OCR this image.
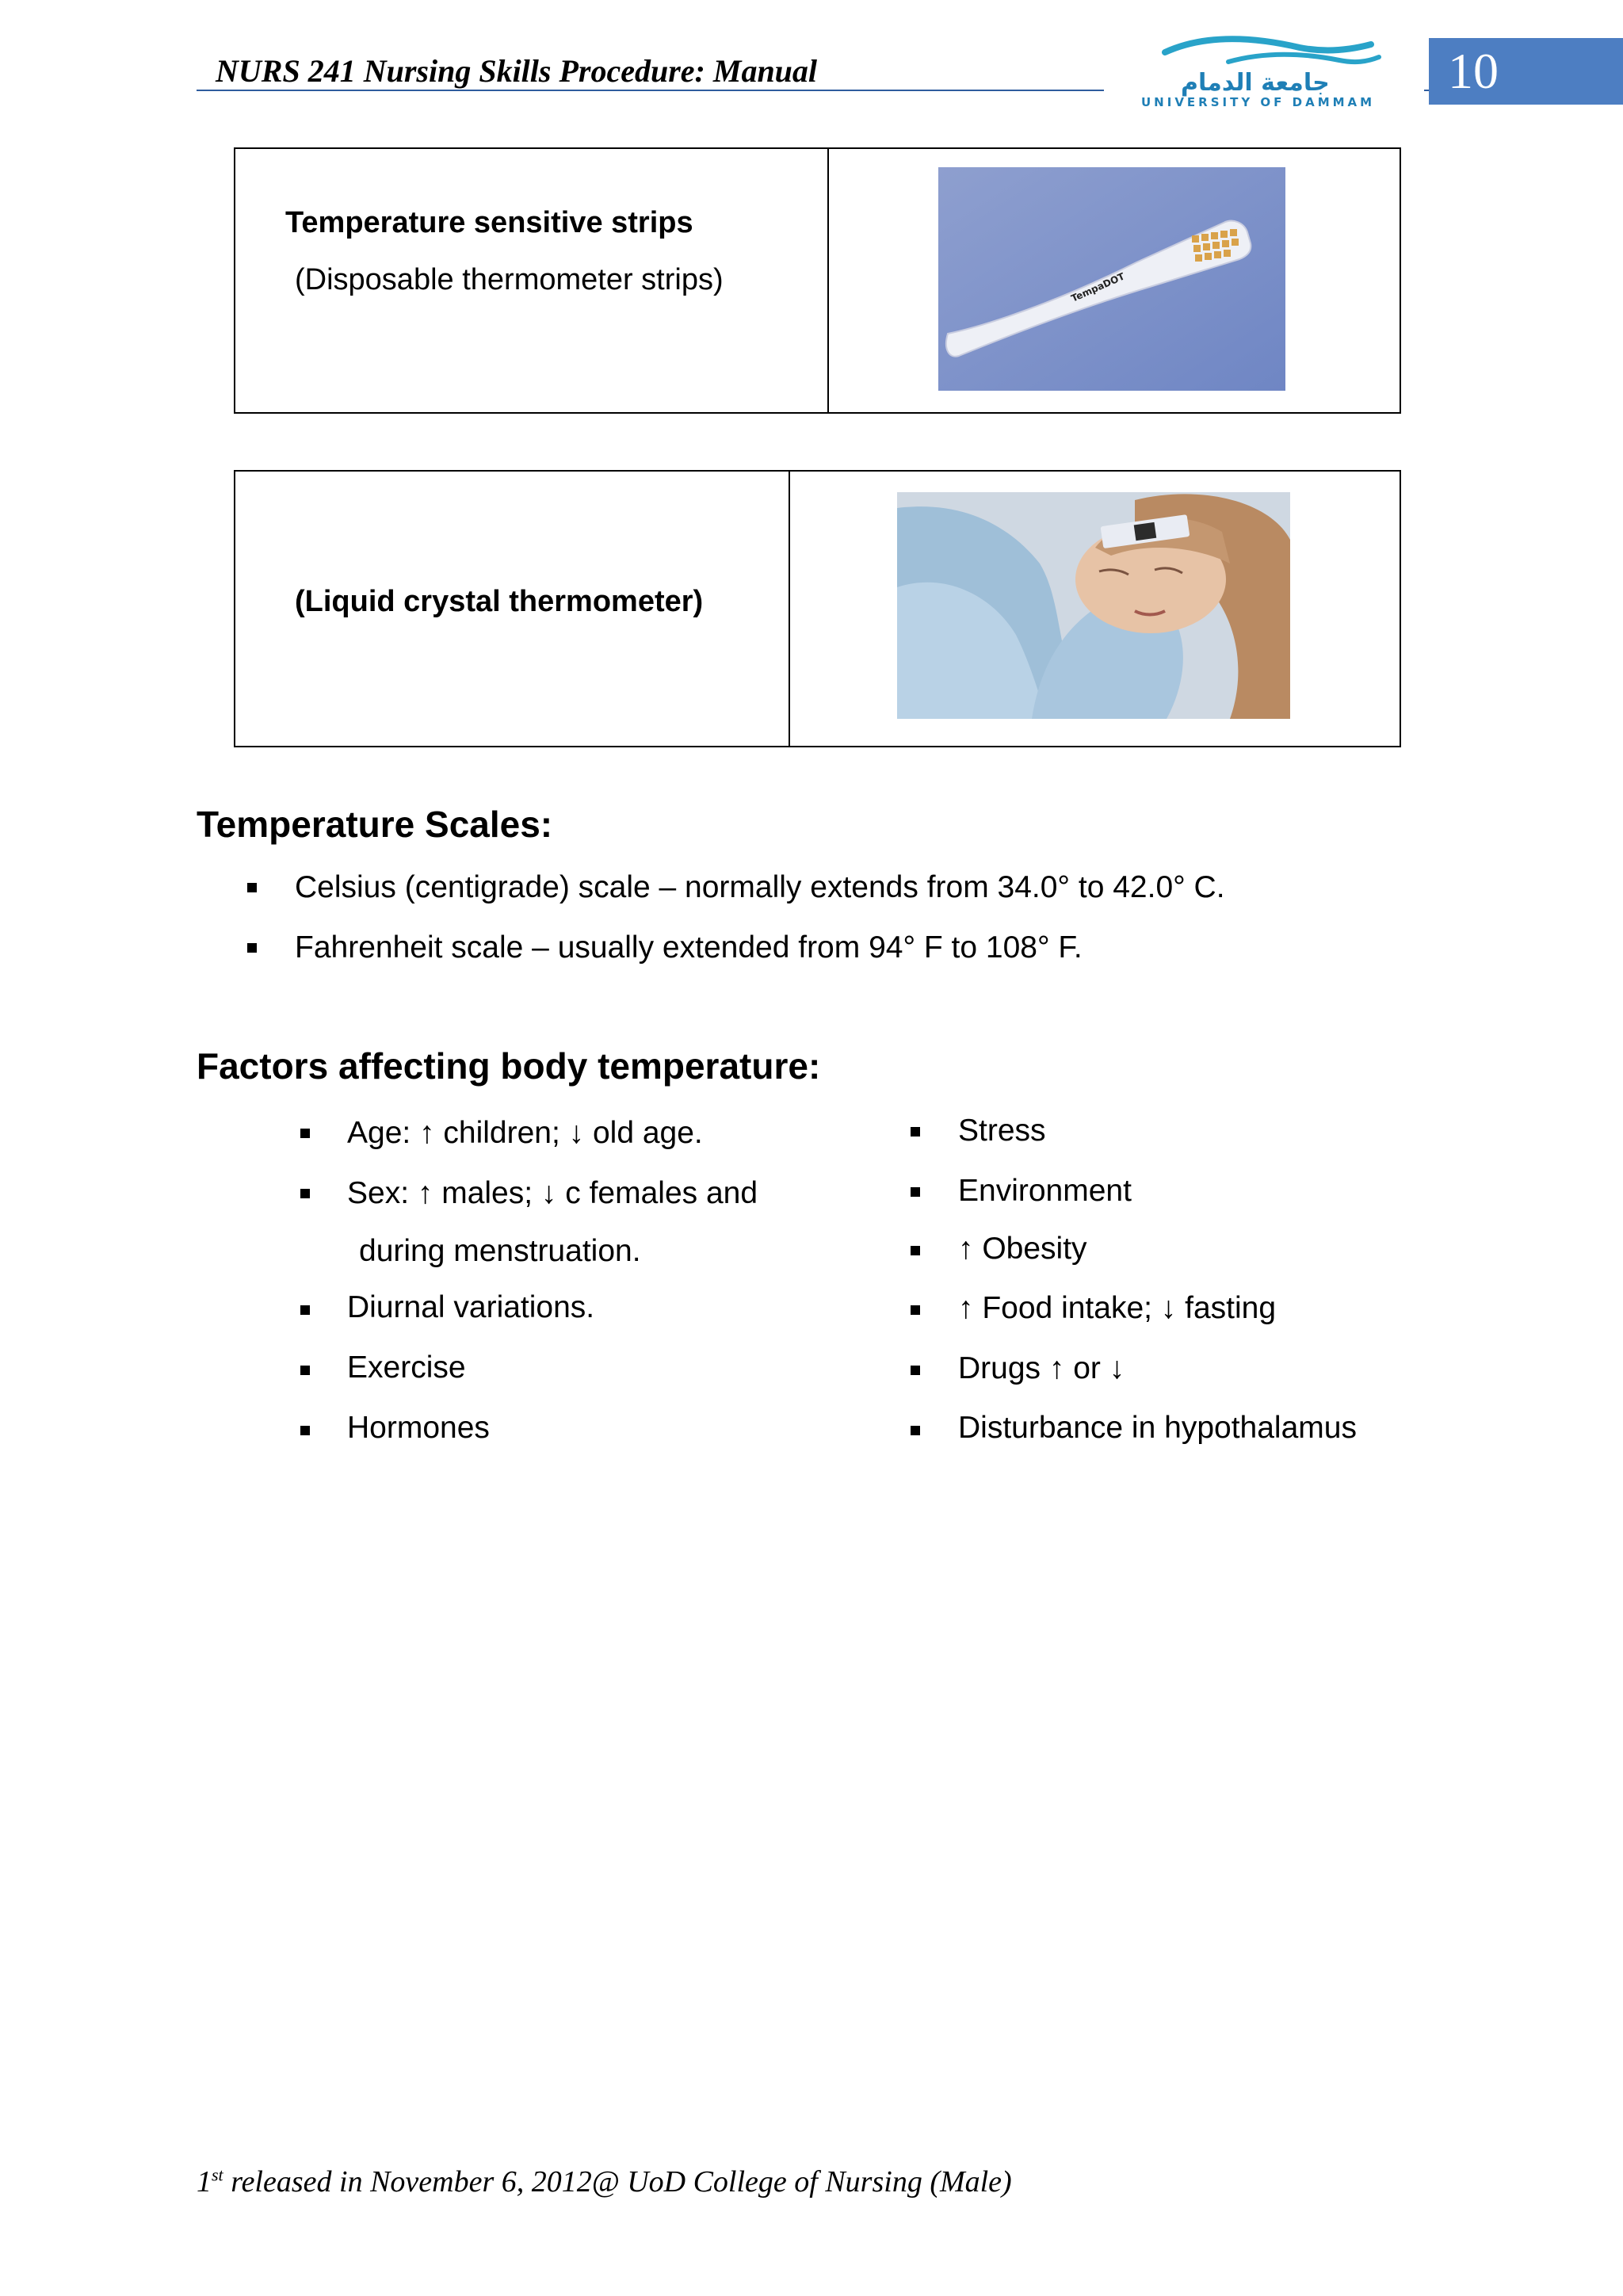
NURS 241 Nursing Skills Procedure: Manual	جامعة الدمام
UNIVERSITY OF DAMMAM
10
Temperature sensitive strips
(Disposable thermometer strips)	TempaDOT
(Liquid crystal thermometer)
Temperature Scales:
Celsius (centigrade) scale – normally extends from 34.0° to 42.0° C.
Fahrenheit scale – usually extended from 94° F to 108° F.
Factors affecting body temperature:
Age: ↑ children; ↓ old age.
Sex: ↑ males; ↓ c females and
during menstruation.
Diurnal variations.
Exercise
Hormones
Stress
Environment
↑ Obesity
↑ Food intake; ↓ fasting
Drugs ↑ or ↓
Disturbance in hypothalamus
1st released in November 6, 2012@ UoD College of Nursing (Male)
